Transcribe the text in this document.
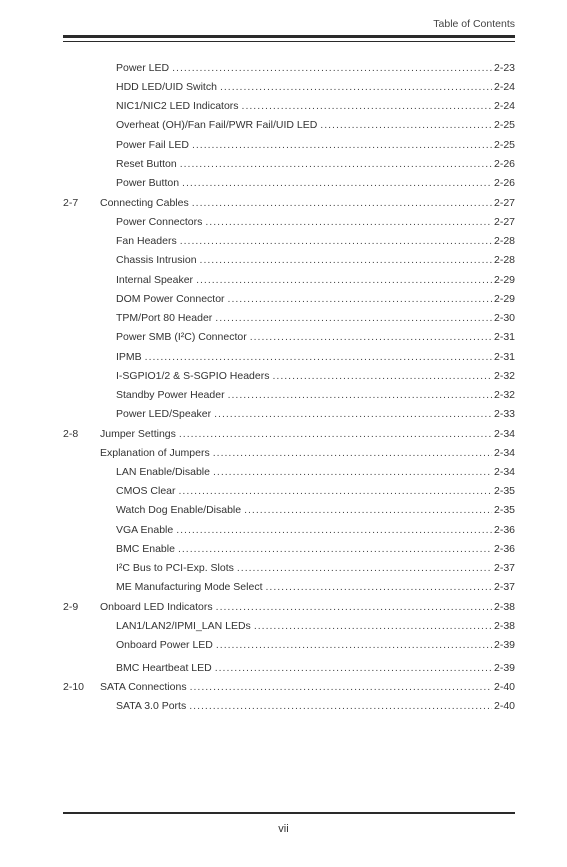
Table of Contents
Power LED .....	2-23
HDD LED/UID Switch .....	2-24
NIC1/NIC2 LED Indicators .....	2-24
Overheat (OH)/Fan Fail/PWR Fail/UID LED .....	2-25
Power Fail LED .....	2-25
Reset Button .....	2-26
Power Button .....	2-26
2-7	Connecting Cables .....	2-27
Power Connectors .....	2-27
Fan Headers .....	2-28
Chassis Intrusion .....	2-28
Internal Speaker .....	2-29
DOM Power Connector .....	2-29
TPM/Port 80 Header .....	2-30
Power SMB (I²C) Connector .....	2-31
IPMB .....	2-31
I-SGPIO1/2 & S-SGPIO Headers .....	2-32
Standby Power Header .....	2-32
Power LED/Speaker .....	2-33
2-8	Jumper Settings .....	2-34
Explanation of Jumpers .....	2-34
LAN Enable/Disable .....	2-34
CMOS Clear .....	2-35
Watch Dog Enable/Disable .....	2-35
VGA Enable .....	2-36
BMC Enable .....	2-36
I²C Bus to PCI-Exp. Slots .....	2-37
ME Manufacturing Mode Select .....	2-37
2-9	Onboard LED Indicators .....	2-38
LAN1/LAN2/IPMI_LAN LEDs .....	2-38
Onboard Power LED .....	2-39
BMC Heartbeat LED .....	2-39
2-10	SATA Connections .....	2-40
SATA 3.0 Ports .....	2-40
vii
